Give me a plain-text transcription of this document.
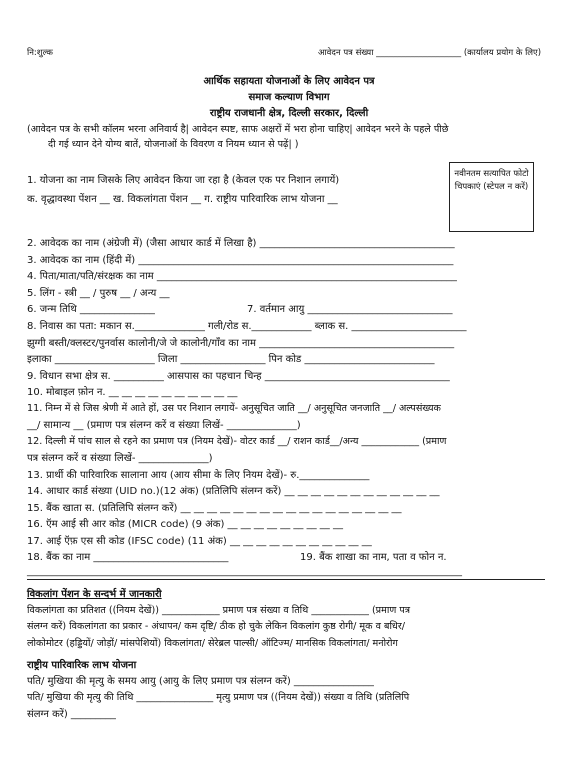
नि:शुल्क	आवेदन पत्र संख्या ____________________ (कार्यालय प्रयोग के लिए)
आर्थिक सहायता योजनाओं के लिए आवेदन पत्र
समाज कल्याण विभाग
राष्ट्रीय राजधानी क्षेत्र, दिल्ली सरकार, दिल्ली
(आवेदन पत्र के सभी कॉलम भरना अनिवार्य है| आवेदन स्पष्ट, साफ अक्षरों में भरा होना चाहिए| आवेदन भरने के पहले पीछे
दी गई ध्यान देने योग्य बातें, योजनाओं के विवरण व नियम ध्यान से पढ़ें| )
नवीनतम सत्यापित फोटो चिपकाएं (स्टेपल न करें)
1. योजना का नाम जिसके लिए आवेदन किया जा रहा है (केवल एक पर निशान लगायें)
क. वृद्धावस्था पेंशन __ ख. विकलांगता पेंशन __ ग. राष्ट्रीय पारिवारिक लाभ योजना __
2. आवेदक का नाम (अंग्रेजी में) (जैसा आधार कार्ड में लिखा है) _______________________________________
3. आवेदक का नाम (हिंदी में) _______________________________________________________________
4. पिता/माता/पति/संरक्षक का नाम ____________________________________________________________
5. लिंग - स्त्री __ / पुरुष __ / अन्य __
6. जन्म तिथि _______________	7. वर्तमान आयु _____________________________
8. निवास का पता: मकान स.______________ गली/रोड स.____________ ब्लाक स. _______________________
झुग्गी बस्ती/क्लस्टर/पुनर्वास कालोनी/जे जे कालोनी/गाँव का नाम _______________________________________
इलाका ____________________ जिला _________________ पिन कोड __________________________
9. विधान सभा क्षेत्र स. __________ आसपास का पहचान चिन्ह _____________________________________
10. मोबाइल फ़ोन न. __ __ __ __ __ __ __ __ __ __
11. निम्न में से जिस श्रेणी में आते हों, उस पर निशान लगायें- अनुसूचित जाति __/ अनुसूचित जनजाति __/ अल्पसंख्यक
__/ सामान्य __ (प्रमाण पत्र संलग्न करें व संख्या लिखें- ______________)
12. दिल्ली में पांच साल से रहने का प्रमाण पत्र (नियम देखें)- वोटर कार्ड __/ राशन कार्ड__/अन्य ____________ (प्रमाण
पत्र संलग्न करें व संख्या लिखें- ______________)
13. प्रार्थी की पारिवारिक सालाना आय (आय सीमा के लिए नियम देखें)- रु.______________
14. आधार कार्ड संख्या (UID no.)(12 अंक) (प्रतिलिपि संलग्न करें) __ __ __ __ __ __ __ __ __ __ __ __
15. बैंक खाता स. (प्रतिलिपि संलग्न करें) __ __ __ __ __ __ __ __ __ __ __ __ __ __ __ __ __
16. ऍम आई सी आर कोड (MICR code) (9 अंक) __ __ __ __ __ __ __ __ __
17. आई ऍफ़ एस सी कोड (IFSC code) (11 अंक) __ __ __ __ __ __ __ __ __ __ __
18. बैंक का नाम ___________________________	19. बैंक शाखा का नाम, पता व फोन न.
_______________________________________________________________________________________
विकलांग पेंशन के सन्दर्भ में जानकारी
विकलांगता का प्रतिशत ((नियम देखें)) ____________ प्रमाण पत्र संख्या व तिथि ____________ (प्रमाण पत्र
संलग्न करें) विकलांगता का प्रकार - अंधापन/ कम दृष्टि/ ठीक हो चुके लेकिन विकलांग कुष्ठ रोगी/ मूक व बधिर/
लोकोमोटर (हड्डियों/ जोड़ों/ मांसपेशियों) विकलांगता/ सेरेब्रल पाल्सी/ ऑटिज्म/ मानसिक विकलांगता/ मनोरोग
राष्ट्रीय पारिवारिक लाभ योजना
पति/ मुखिया की मृत्यु के समय आयु (आयु के लिए प्रमाण पत्र संलग्न करें) ________________
पति/ मुखिया की मृत्यु की तिथि ________________ मृत्यु प्रमाण पत्र ((नियम देखें)) संख्या व तिथि (प्रतिलिपि
संलग्न करें) _________
